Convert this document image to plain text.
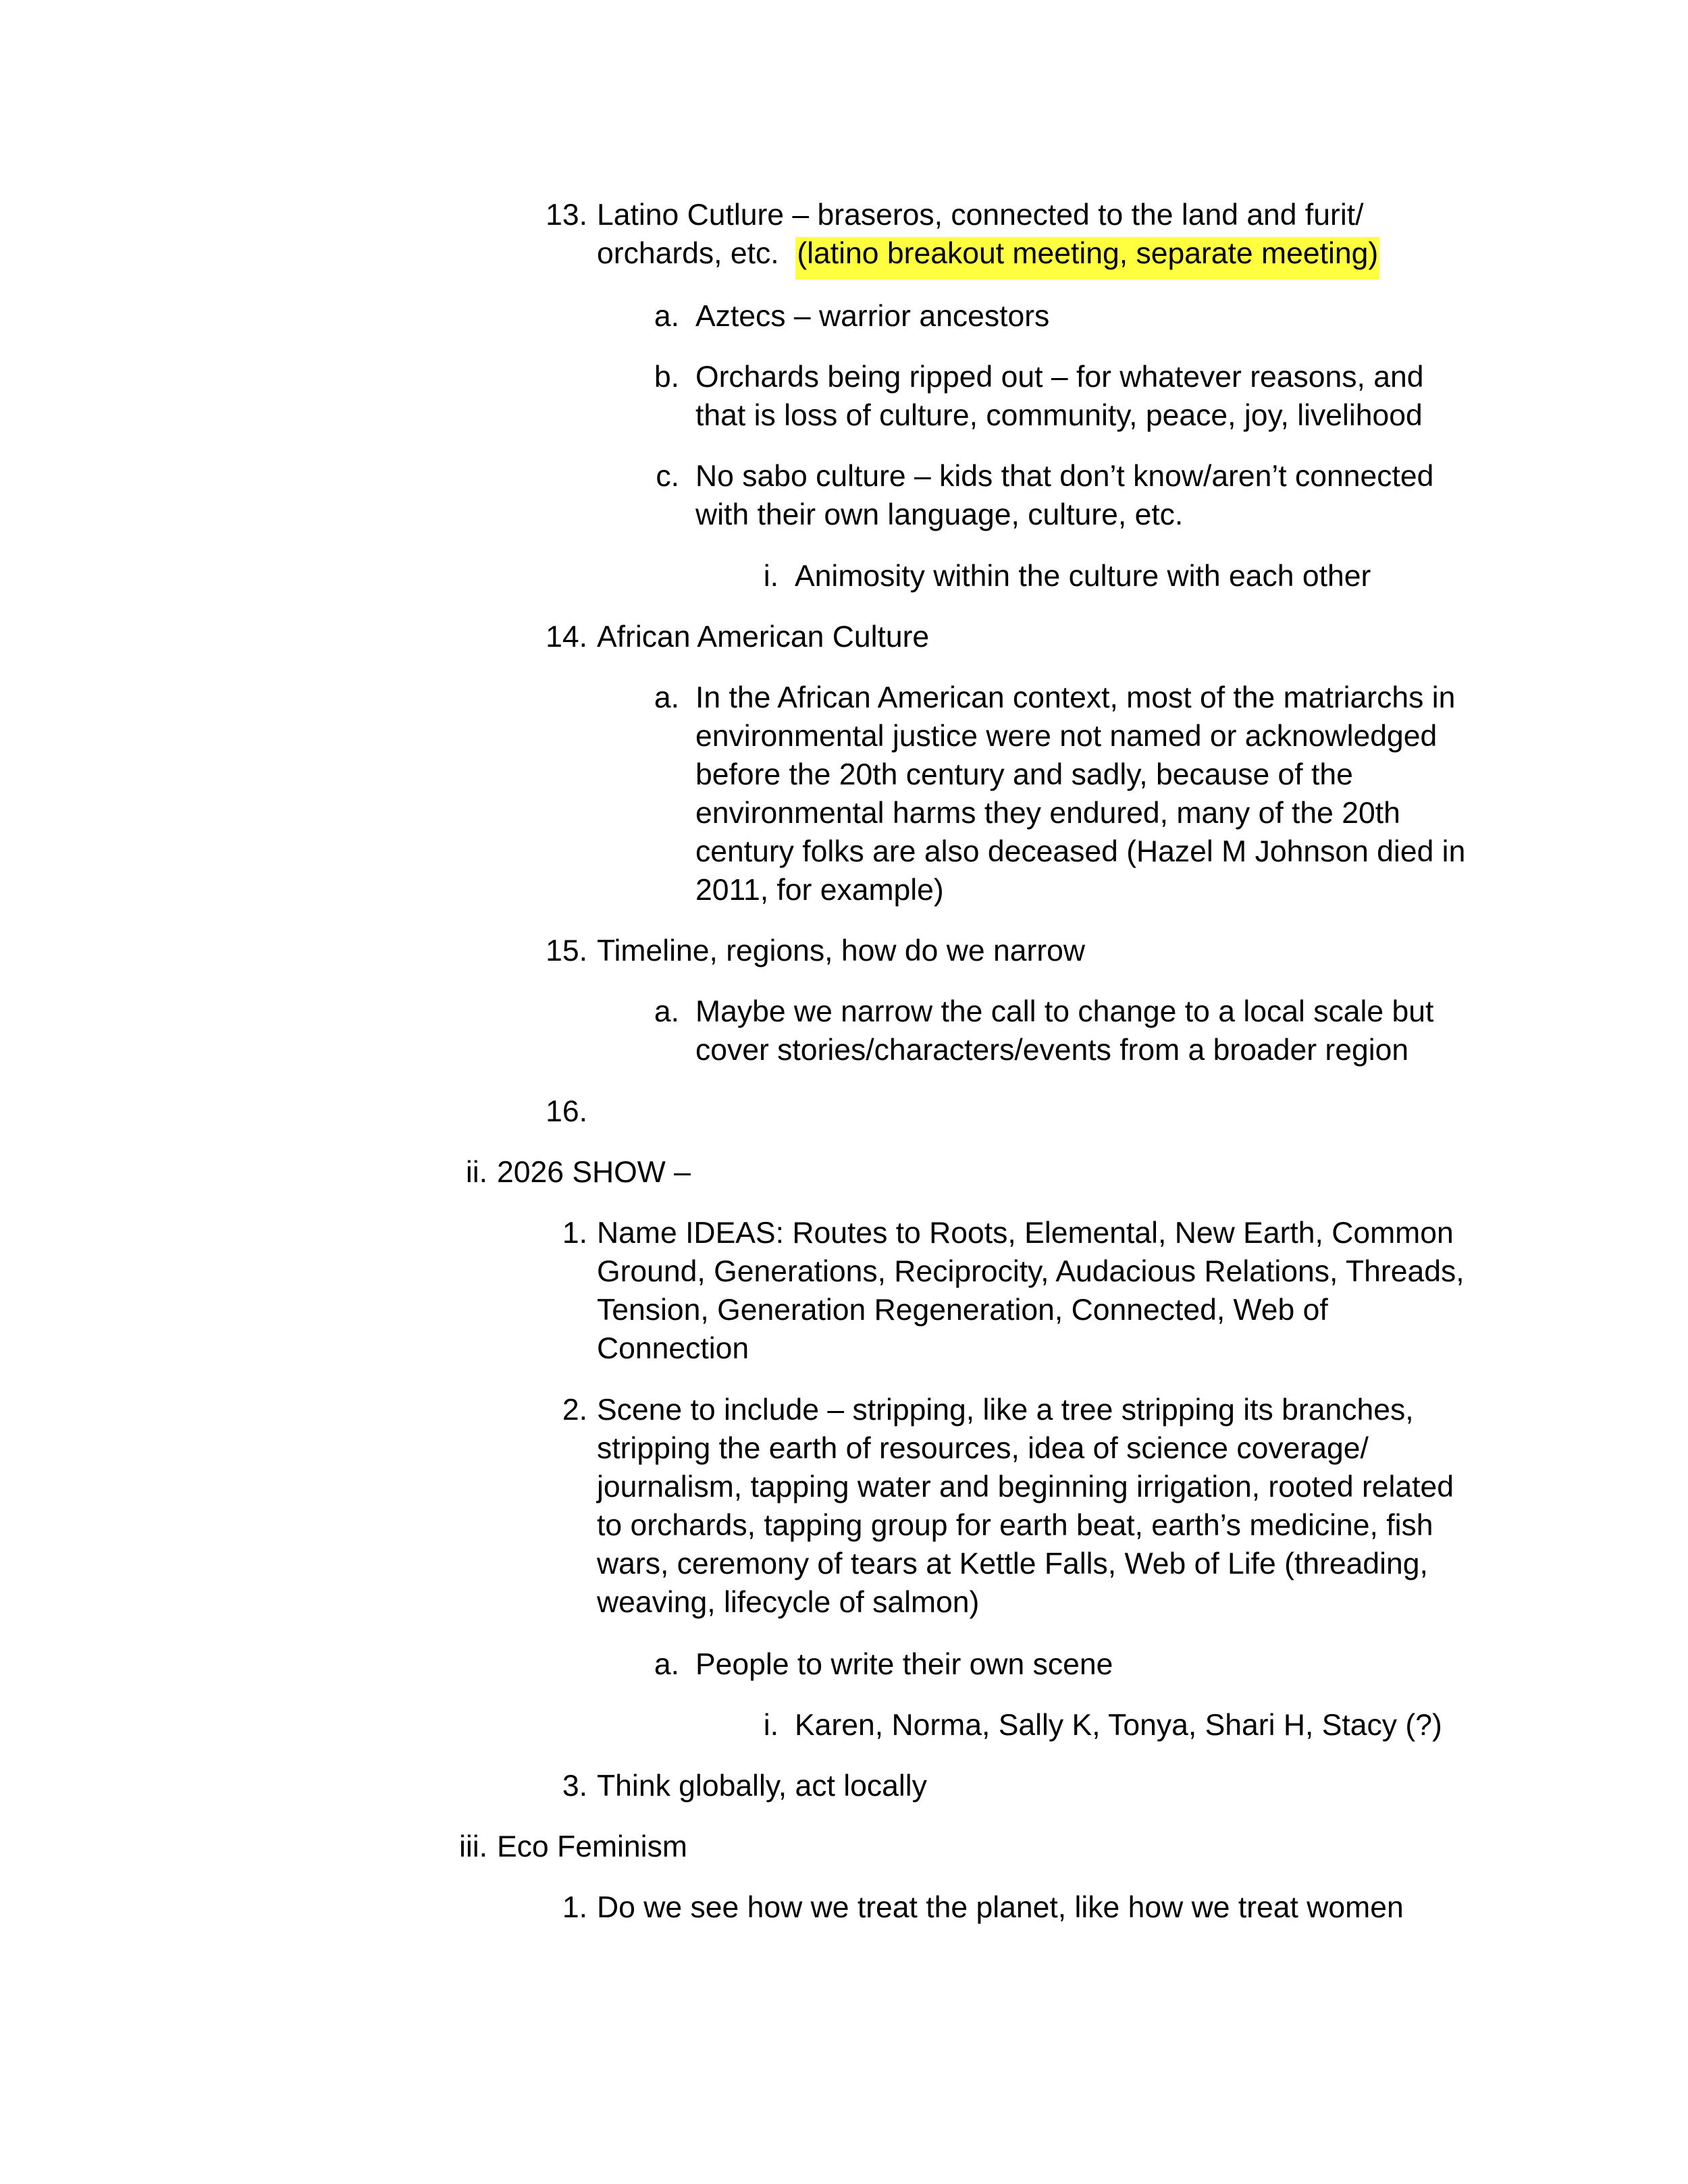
13. Latino Cutlure – braseros, connected to the land and furit/
orchards, etc.  (latino breakout meeting, separate meeting)
a. Aztecs – warrior ancestors
b. Orchards being ripped out – for whatever reasons, and
that is loss of culture, community, peace, joy, livelihood
c. No sabo culture – kids that don’t know/aren’t connected
with their own language, culture, etc.
i. Animosity within the culture with each other
14. African American Culture
a. In the African American context, most of the matriarchs in
environmental justice were not named or acknowledged
before the 20th century and sadly, because of the
environmental harms they endured, many of the 20th
century folks are also deceased (Hazel M Johnson died in
2011, for example)
15. Timeline, regions, how do we narrow
a. Maybe we narrow the call to change to a local scale but
cover stories/characters/events from a broader region
16.
ii. 2026 SHOW –
1. Name IDEAS: Routes to Roots, Elemental, New Earth, Common
Ground, Generations, Reciprocity, Audacious Relations, Threads,
Tension, Generation Regeneration, Connected, Web of
Connection
2. Scene to include – stripping, like a tree stripping its branches,
stripping the earth of resources, idea of science coverage/
journalism, tapping water and beginning irrigation, rooted related
to orchards, tapping group for earth beat, earth’s medicine, fish
wars, ceremony of tears at Kettle Falls, Web of Life (threading,
weaving, lifecycle of salmon)
a. People to write their own scene
i. Karen, Norma, Sally K, Tonya, Shari H, Stacy (?)
3. Think globally, act locally
iii. Eco Feminism
1. Do we see how we treat the planet, like how we treat women
